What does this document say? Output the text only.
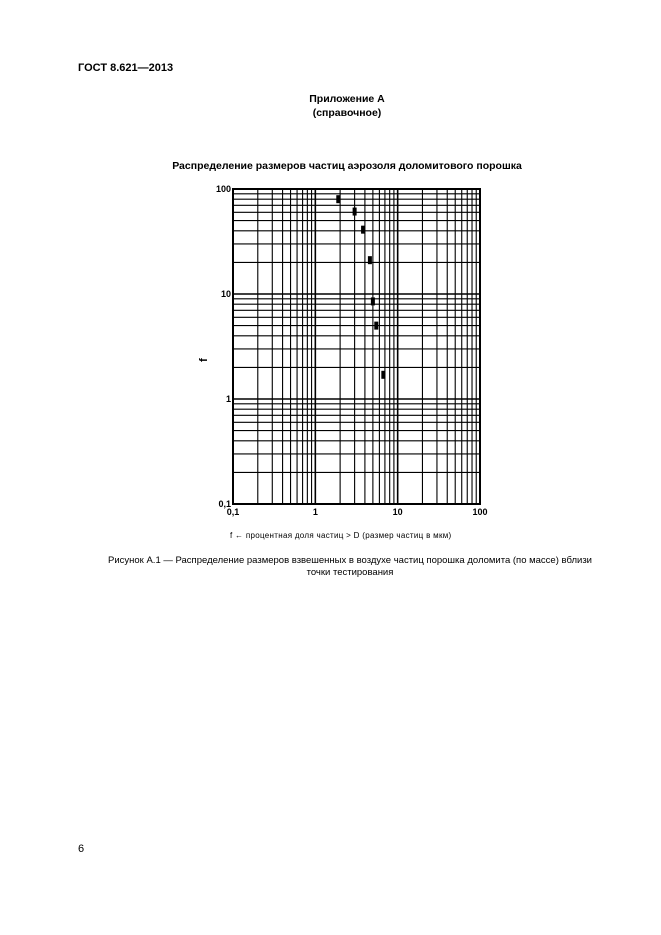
ГОСТ 8.621—2013
Приложение А
(справочное)
Распределение размеров частиц аэрозоля доломитового порошка
0,1	1	10	100
0,1
1
10
100
f
f ← процентная доля частиц > D (размер частиц в мкм)
Рисунок А.1 — Распределение размеров взвешенных в воздухе частиц порошка доломита (по массе) вблизи
точки тестирования
6
